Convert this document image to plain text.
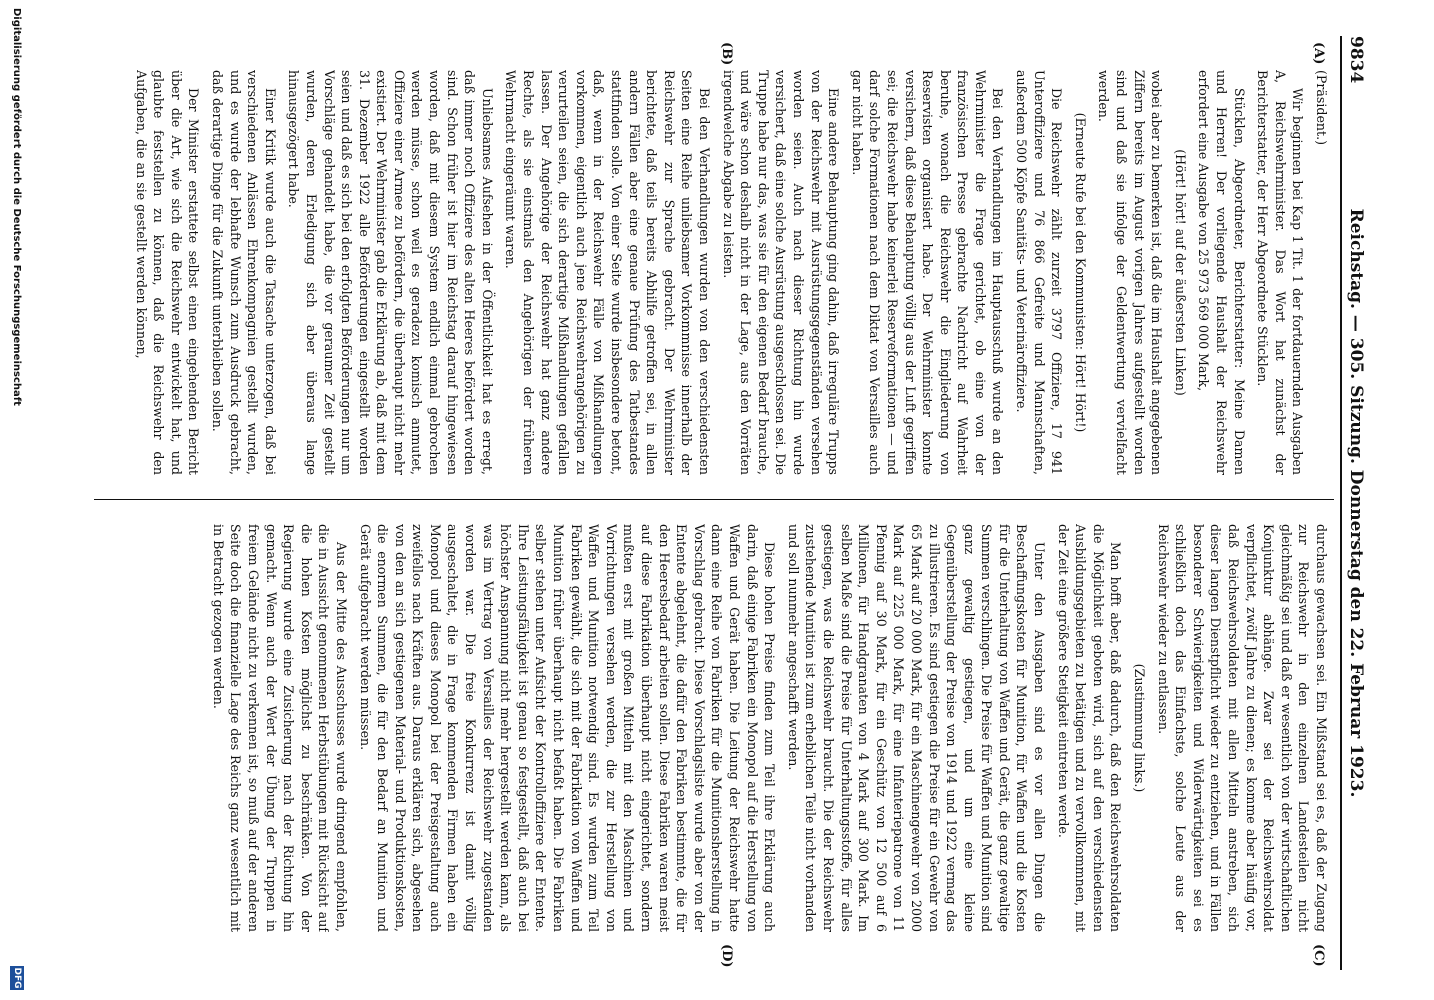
9834
Reichstag. — 305. Sitzung. Donnerstag den 22. Februar 1923.
(A)
(B)
(C)
(D)

(Präsident.)

Wir beginnen bei Kap 1 Tit. 1 der fortdauernden Ausgaben A, Reichswehrminister. Das Wort hat zunächst der Berichterstatter, der Herr Abgeordnete Stücklen.

Stücklen, Abgeordneter, Berichterstatter: Meine Damen und Herren! Der vorliegende Haushalt der Reichswehr erfordert eine Ausgabe von 25 973 569 000 Mark,

(Hört! hört! auf der äußersten Linken)

wobei aber zu bemerken ist, daß die im Haushalt angegebenen Ziffern bereits im August vorigen Jahres aufgestellt worden sind und daß sie infolge der Geldentwertung vervielfacht werden.

(Erneute Rufe bei den Kommunisten: Hört! Hört!)

Die Reichswehr zählt zurzeit 3797 Offiziere, 17 941 Unteroffiziere und 76 866 Gefreite und Mannschaften, außerdem 500 Köpfe Sanitäts- und Veterinäroffiziere.

Bei den Verhandlungen im Hauptausschuß wurde an den Wehrminister die Frage gerichtet, ob eine von der französischen Presse gebrachte Nachricht auf Wahrheit beruhe, wonach die Reichswehr die Eingliederung von Reservisten organisiert habe. Der Wehrminister konnte versichern, daß diese Behauptung völlig aus der Luft gegriffen sei; die Reichswehr habe keinerlei Reserveformationen — und darf solche Formationen nach dem Diktat von Versailles auch gar nicht haben.

Eine andere Behauptung ging dahin, daß irreguläre Trupps von der Reichswehr mit Ausrüstungsgegenständen versehen worden seien. Auch nach dieser Richtung hin wurde versichert, daß eine solche Ausrüstung ausgeschlossen sei. Die Truppe habe nur das, was sie für den eigenen Bedarf brauche, und wäre schon deshalb nicht in der Lage, aus den Vorräten irgendwelche Abgabe zu leisten.

Bei den Verhandlungen wurden von den verschiedensten Seiten eine Reihe unliebsamer Vorkommnisse innerhalb der Reichswehr zur Sprache gebracht. Der Wehrminister berichtete, daß teils bereits Abhilfe getroffen sei, in allen andern Fällen aber eine genaue Prüfung des Tatbestandes stattfinden solle. Von einer Seite wurde insbesondere betont, daß, wenn in der Reichswehr Fälle von Mißhandlungen vorkommen, eigentlich auch jene Reichswehrangehörigen zu verurteilen seien, die sich derartige Mißhandlungen gefallen lassen. Der Angehörige der Reichswehr hat ganz andere Rechte, als sie einstmals den Angehörigen der früheren Wehrmacht eingeräumt waren.

Unliebsames Aufsehen in der Öffentlichkeit hat es erregt, daß immer noch Offiziere des alten Heeres befördert worden sind. Schon früher ist hier im Reichstag darauf hingewiesen worden, daß mit diesem System endlich einmal gebrochen werden müsse, schon weil es geradezu komisch anmutet, Offiziere einer Armee zu befördern, die überhaupt nicht mehr existiert. Der Wehrminister gab die Erklärung ab, daß mit dem 31. Dezember 1922 alle Beförderungen eingestellt worden seien und daß es sich bei den erfolgten Beförderungen nur um Vorschläge gehandelt habe, die vor geraumer Zeit gestellt wurden, deren Erledigung sich aber überaus lange hinausgezögert habe.

Einer Kritik wurde auch die Tatsache unterzogen, daß bei verschiedenen Anlässen Ehrenkompagnien gestellt wurden, und es wurde der lebhafte Wunsch zum Ausdruck gebracht, daß derartige Dinge für die Zukunft unterbleiben sollen.

Der Minister erstattete selbst einen eingehenden Bericht über die Art, wie sich die Reichswehr entwickelt hat, und glaubte feststellen zu können, daß die Reichswehr den Aufgaben, die an sie gestellt werden können,

durchaus gewachsen sei. Ein Mißstand sei es, daß der Zugang zur Reichswehr in den einzelnen Landesteilen nicht gleichmäßig sei und daß er wesentlich von der wirtschaftlichen Konjunktur abhänge. Zwar sei der Reichswehrsoldat verpflichtet, zwölf Jahre zu dienen; es komme aber häufig vor, daß Reichswehrsoldaten mit allen Mitteln anstreben, sich dieser langen Dienstpflicht wieder zu entziehen, und in Fällen besonderer Schwierigkeiten und Widerwärtigkeiten sei es schließlich doch das Einfachste, solche Leute aus der Reichswehr wieder zu entlassen.

(Zustimmung links.)

Man hofft aber, daß dadurch, daß den Reichswehrsoldaten die Möglichkeit geboten wird, sich auf den verschiedensten Ausbildungsgebieten zu betätigen und zu vervollkommnen, mit der Zeit eine größere Stetigkeit eintreten werde.

Unter den Ausgaben sind es vor allen Dingen die Beschaffungskosten für Munition, für Waffen und die Kosten für die Unterhaltung von Waffen und Gerät, die ganz gewaltige Summen verschlingen. Die Preise für Waffen und Munition sind ganz gewaltig gestiegen, und um eine kleine Gegenüberstellung der Preise von 1914 und 1922 vermag das zu illustrieren. Es sind gestiegen die Preise für ein Gewehr von 65 Mark auf 20 000 Mark, für ein Maschinengewehr von 2000 Mark auf 225 000 Mark, für eine Infanteriepatrone von 11 Pfennig auf 30 Mark, für ein Geschütz von 12 500 auf 6 Millionen, für Handgranaten von 4 Mark auf 300 Mark. Im selben Maße sind die Preise für Unterhaltungsstoffe, für alles gestiegen, was die Reichswehr braucht. Die der Reichswehr zustehende Munition ist zum erheblichen Teile nicht vorhanden und soll nunmehr angeschafft werden.

Diese hohen Preise finden zum Teil ihre Erklärung auch darin, daß einige Fabriken ein Monopol auf die Herstellung von Waffen und Gerät haben. Die Leitung der Reichswehr hatte dann eine Reihe von Fabriken für die Munitionsherstellung in Vorschlag gebracht. Diese Vorschlagsliste wurde aber von der Entente abgelehnt, die dafür den Fabriken bestimmte, die für den Heeresbedarf arbeiten sollen. Diese Fabriken waren meist auf diese Fabrikation überhaupt nicht eingerichtet, sondern mußten erst mit großen Mitteln mit den Maschinen und Vorrichtungen versehen werden, die zur Herstellung von Waffen und Munition notwendig sind. Es wurden zum Teil Fabriken gewählt, die sich mit der Fabrikation von Waffen und Munition früher überhaupt nicht befaßt haben. Die Fabriken selber stehen unter Aufsicht der Kontrolloffiziere der Entente. Ihre Leistungsfähigkeit ist genau so festgestellt, daß auch bei höchster Anspannung nicht mehr hergestellt werden kann, als was im Vertrag von Versailles der Reichswehr zugestanden worden war. Die freie Konkurrenz ist damit völlig ausgeschaltet, die in Frage kommenden Firmen haben ein Monopol und dieses Monopol bei der Preisgestaltung auch zweifellos nach Kräften aus. Daraus erklären sich, abgesehen von den an sich gestiegenen Material- und Produktionskosten, die enormen Summen, die für den Bedarf an Munition und Gerät aufgebracht werden müssen.

Aus der Mitte des Ausschusses wurde dringend empfohlen, die in Aussicht genommenen Herbstübungen mit Rücksicht auf die hohen Kosten möglichst zu beschränken. Von der Regierung wurde eine Zusicherung nach der Richtung hin gemacht. Wenn auch der Wert der Übung der Truppen in freiem Gelände nicht zu verkennen ist, so muß auf der anderen Seite doch die finanzielle Lage des Reichs ganz wesentlich mit in Betracht gezogen werden.

Digitalisierung gefördert durch die Deutsche Forschungsgemeinschaft
DFG
